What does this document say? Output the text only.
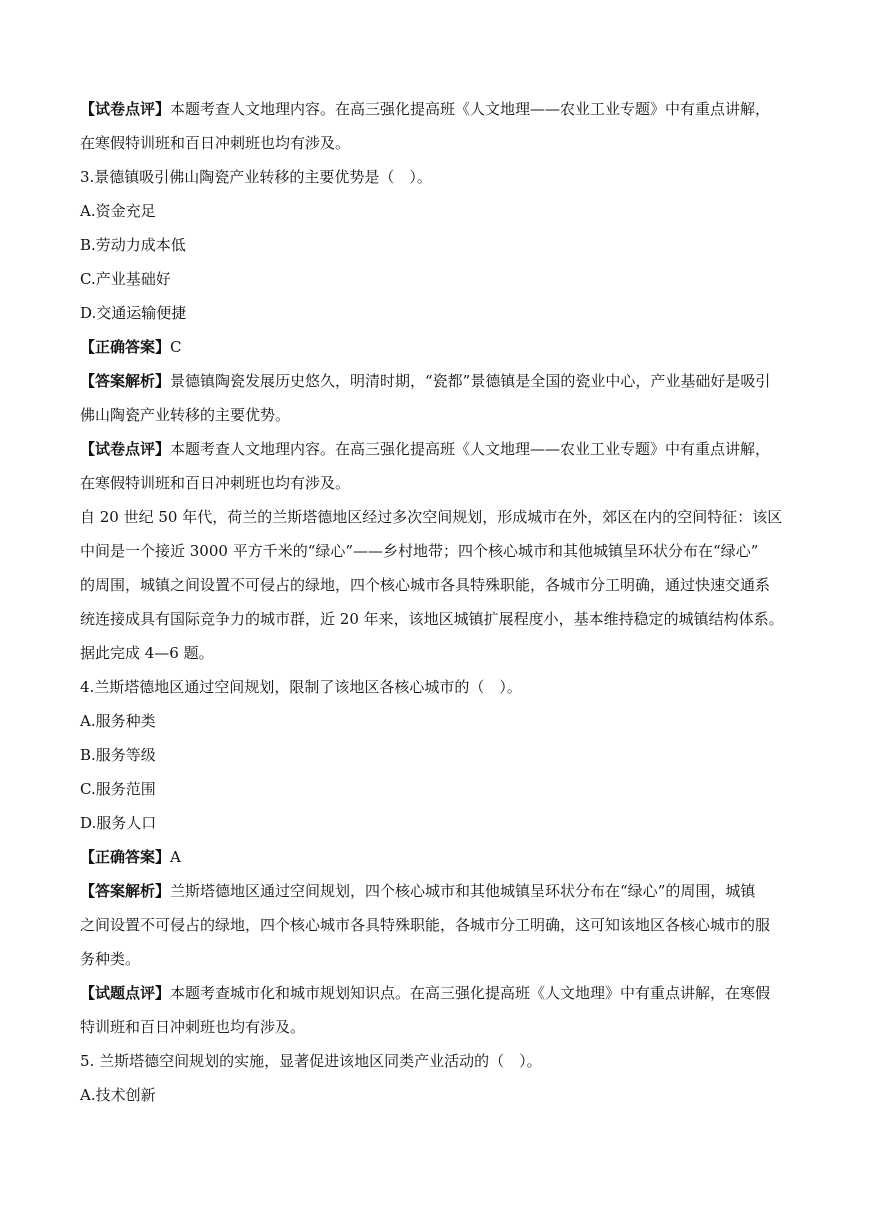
【试卷点评】本题考查人文地理内容。在高三强化提高班《人文地理——农业工业专题》中有重点讲解，
在寒假特训班和百日冲刺班也均有涉及。

3.景德镇吸引佛山陶瓷产业转移的主要优势是（　）。

A.资金充足

B.劳动力成本低

C.产业基础好

D.交通运输便捷

【正确答案】C

【答案解析】景德镇陶瓷发展历史悠久，明清时期，“瓷都”景德镇是全国的瓷业中心，产业基础好是吸引
佛山陶瓷产业转移的主要优势。

【试卷点评】本题考查人文地理内容。在高三强化提高班《人文地理——农业工业专题》中有重点讲解，
在寒假特训班和百日冲刺班也均有涉及。

自 20 世纪 50 年代，荷兰的兰斯塔德地区经过多次空间规划，形成城市在外，郊区在内的空间特征：该区
中间是一个接近 3000 平方千米的“绿心”——乡村地带；四个核心城市和其他城镇呈环状分布在“绿心”
的周围，城镇之间设置不可侵占的绿地，四个核心城市各具特殊职能，各城市分工明确，通过快速交通系
统连接成具有国际竞争力的城市群，近 20 年来，该地区城镇扩展程度小，基本维持稳定的城镇结构体系。
据此完成 4—6 题。

4.兰斯塔德地区通过空间规划，限制了该地区各核心城市的（　）。

A.服务种类

B.服务等级

C.服务范围

D.服务人口

【正确答案】A

【答案解析】兰斯塔德地区通过空间规划，四个核心城市和其他城镇呈环状分布在“绿心”的周围，城镇
之间设置不可侵占的绿地，四个核心城市各具特殊职能，各城市分工明确，这可知该地区各核心城市的服
务种类。

【试题点评】本题考查城市化和城市规划知识点。在高三强化提高班《人文地理》中有重点讲解，在寒假
特训班和百日冲刺班也均有涉及。

5. 兰斯塔德空间规划的实施，显著促进该地区同类产业活动的（　）。

A.技术创新
